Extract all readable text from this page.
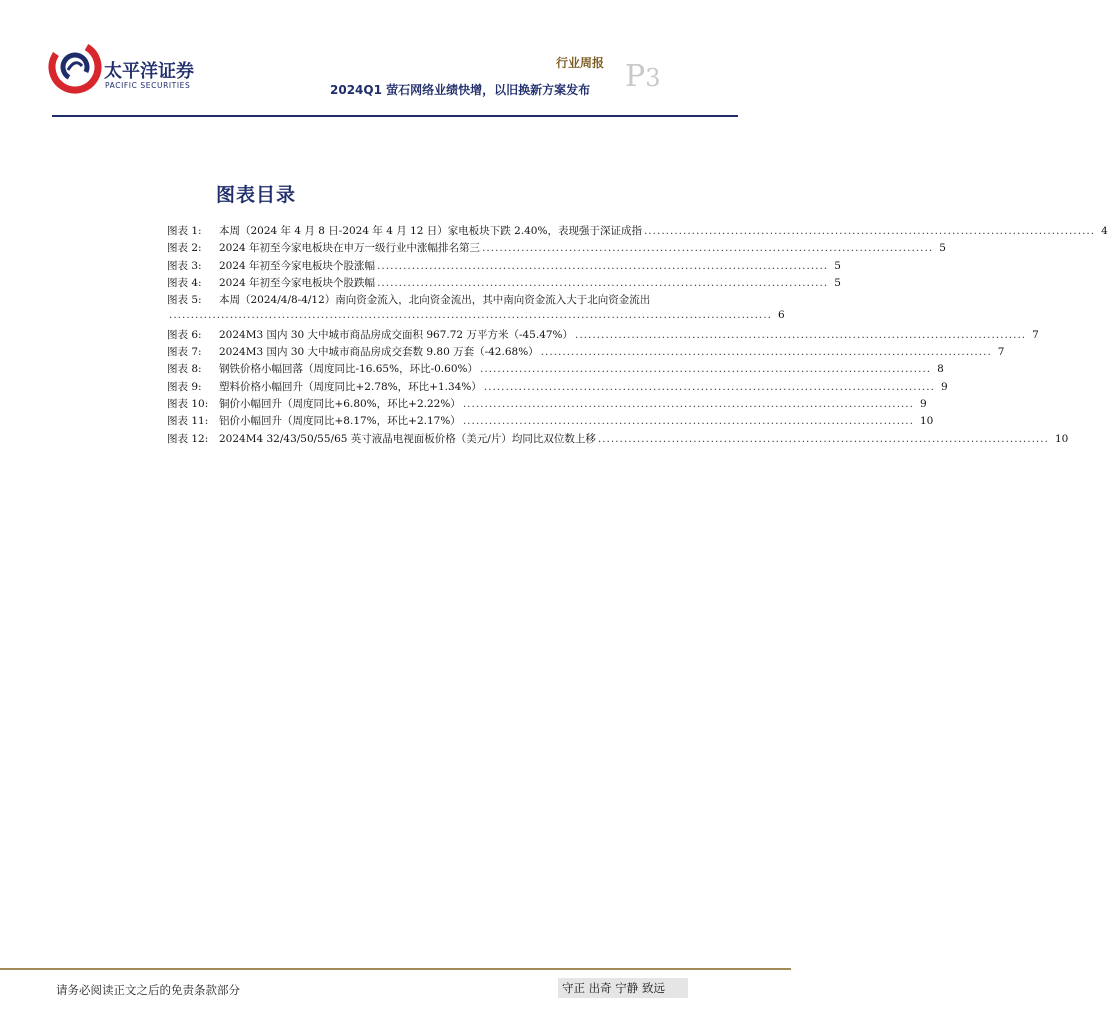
太平洋证券
PACIFIC SECURITIES
行业周报
2024Q1 萤石网络业绩快增，以旧换新方案发布 P3
图表目录
图表 1:	本周（2024 年 4 月 8 日-2024 年 4 月 12 日）家电板块下跌 2.40%，表现强于深证成指 ........................................................................................................ 4
图表 2:	2024 年初至今家电板块在申万一级行业中涨幅排名第三 ........................................................................................................ 5
图表 3:	2024 年初至今家电板块个股涨幅 ........................................................................................................ 5
图表 4:	2024 年初至今家电板块个股跌幅 ........................................................................................................ 5
图表 5:	本周（2024/4/8-4/12）南向资金流入，北向资金流出，其中南向资金流入大于北向资金流出
........................................................................................................................................... 6
图表 6:	2024M3 国内 30 大中城市商品房成交面积 967.72 万平方米（-45.47%） ........................................................................................................ 7
图表 7:	2024M3 国内 30 大中城市商品房成交套数 9.80 万套（-42.68%） ........................................................................................................ 7
图表 8:	钢铁价格小幅回落（周度同比-16.65%，环比-0.60%） ........................................................................................................ 8
图表 9:	塑料价格小幅回升（周度同比+2.78%，环比+1.34%） ........................................................................................................ 9
图表 10:	铜价小幅回升（周度同比+6.80%，环比+2.22%） ........................................................................................................ 9
图表 11:	铝价小幅回升（周度同比+8.17%，环比+2.17%） ........................................................................................................ 10
图表 12:	2024M4 32/43/50/55/65 英寸液晶电视面板价格（美元/片）均同比双位数上移 ........................................................................................................ 10
请务必阅读正文之后的免责条款部分	守正 出奇 宁静 致远
